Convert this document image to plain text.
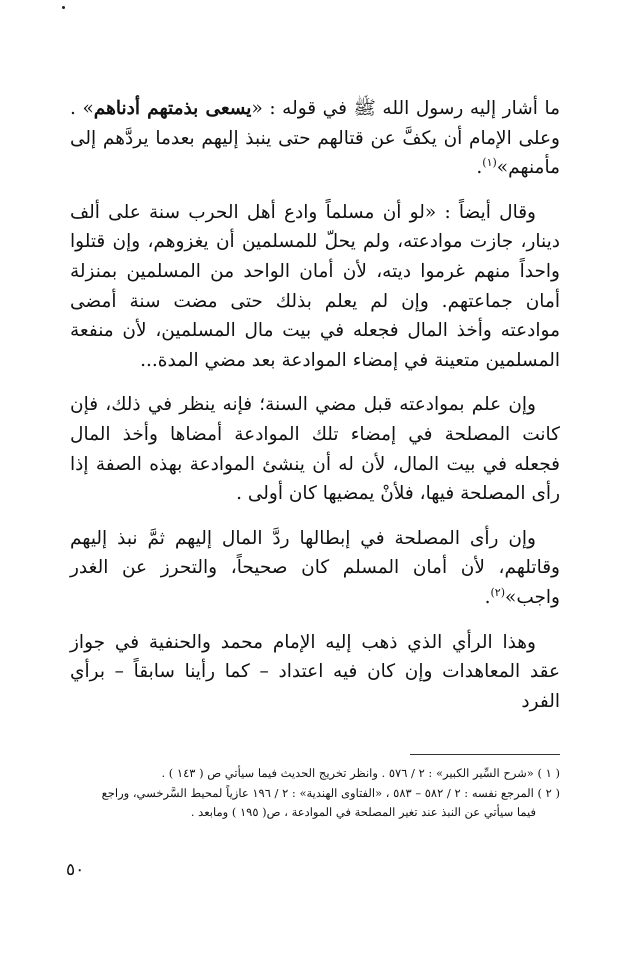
ما أشار إليه رسول الله ﷺ في قوله : «يسعى بذمتهم أدناهم» . وعلى الإمام أن يكفَّ عن قتالهم حتى ينبذ إليهم بعدما يردَّهم إلى مأمنهم»$^{(١)}$.

وقال أيضاً : «لو أن مسلماً وادع أهل الحرب سنة على ألف دينار، جازت موادعته، ولم يحلّ للمسلمين أن يغزوهم، وإن قتلوا واحداً منهم غرموا ديته، لأن أمان الواحد من المسلمين بمنزلة أمان جماعتهم. وإن لم يعلم بذلك حتى مضت سنة أمضى موادعته وأخذ المال فجعله في بيت مال المسلمين، لأن منفعة المسلمين متعينة في إمضاء الموادعة بعد مضي المدة...

وإن علم بموادعته قبل مضي السنة؛ فإنه ينظر في ذلك، فإن كانت المصلحة في إمضاء تلك الموادعة أمضاها وأخذ المال فجعله في بيت المال، لأن له أن ينشئ الموادعة بهذه الصفة إذا رأى المصلحة فيها، فلأنْ يمضيها كان أولى .

وإن رأى المصلحة في إبطالها ردَّ المال إليهم ثمَّ نبذ إليهم وقاتلهم، لأن أمان المسلم كان صحيحاً، والتحرز عن الغدر واجب»$^{(٢)}$.

وهذا الرأي الذي ذهب إليه الإمام محمد والحنفية في جواز عقد المعاهدات وإن كان فيه اعتداد – كما رأينا سابقاً – برأي الفرد

( ١ ) «شرح السِّير الكبير» : ٢ / ٥٧٦ . وانظر تخريج الحديث فيما سيأتي ص ( ١٤٣ ) .

( ٢ ) المرجع نفسه : ٢ / ٥٨٢ – ٥٨٣ ، «الفتاوى الهندية» : ٢ / ١٩٦ عازياً لمحيط السَّرخسي، وراجع

فيما سيأتي عن النبذ عند تغير المصلحة في الموادعة ، ص( ١٩٥ ) ومابعد .

٥٠
